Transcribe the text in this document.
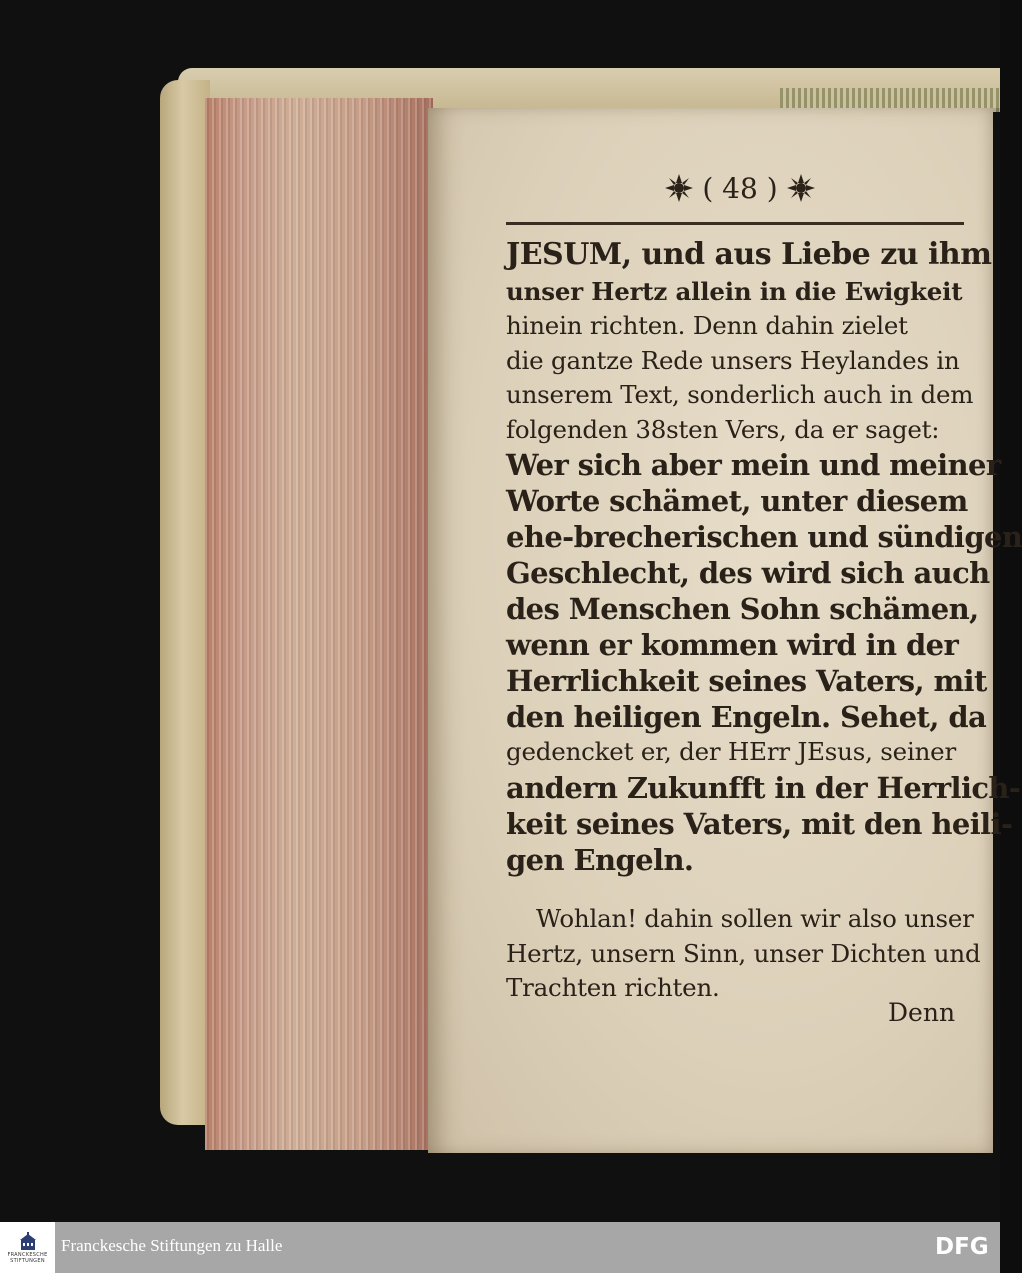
( 48 )
JESUM, und aus Liebe zu ihm
unser Hertz allein in die Ewigkeit
hinein richten. Denn dahin zielet
die gantze Rede unsers Heylandes in
unserem Text, sonderlich auch in dem
folgenden 38sten Vers, da er saget:
Wer sich aber mein und meiner
Worte schämet, unter diesem
ehe-brecherischen und sündigen
Geschlecht, des wird sich auch
des Menschen Sohn schämen,
wenn er kommen wird in der
Herrlichkeit seines Vaters, mit
den heiligen Engeln. Sehet, da
gedencket er, der HErr JEsus, seiner
andern Zukunfft in der Herrlich-
keit seines Vaters, mit den heili-
gen Engeln.
Wohlan! dahin sollen wir also unser
Hertz, unsern Sinn, unser Dichten und
Trachten richten.
Denn
FRANCKESCHE
STIFTUNGEN
Franckesche Stiftungen zu Halle	DFG
